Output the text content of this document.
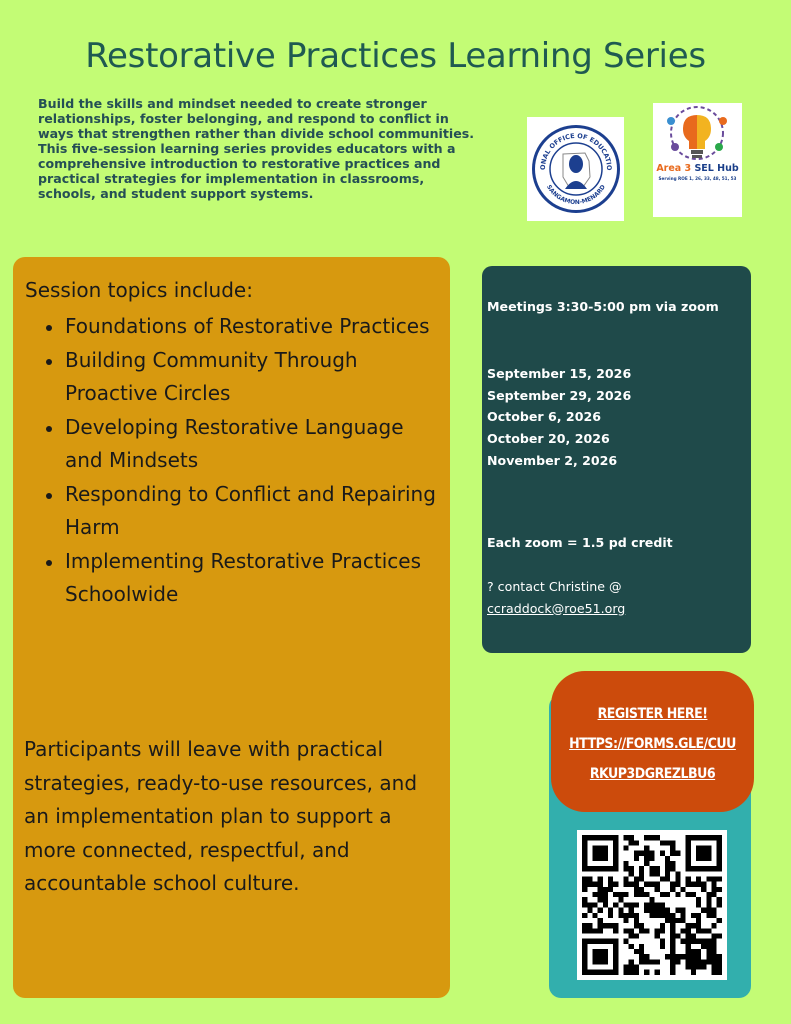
Restorative Practices Learning Series

Build the skills and mindset needed to create stronger relationships, foster belonging, and respond to conflict in ways that strengthen rather than divide school communities. This five-session learning series provides educators with a comprehensive introduction to restorative practices and practical strategies for implementation in classrooms, schools, and student support systems.

ONAL OFFICE OF EDUCATIO
SANGAMON-MENARD
Area 3 SEL Hub
Serving ROE 1, 26, 33, 48, 51, 53

Session topics include:

Foundations of Restorative Practices
Building Community Through Proactive Circles
Developing Restorative Language and Mindsets
Responding to Conflict and Repairing Harm
Implementing Restorative Practices Schoolwide

Participants will leave with practical strategies, ready-to-use resources, and an implementation plan to support a more connected, respectful, and accountable school culture.

Meetings 3:30-5:00 pm via zoom

September 15, 2026
September 29, 2026
October 6, 2026
October 20, 2026
November 2, 2026

Each zoom = 1.5 pd credit

? contact Christine @
ccraddock@roe51.org

REGISTER HERE!
HTTPS://FORMS.GLE/CUU
RKUP3DGREZLBU6
